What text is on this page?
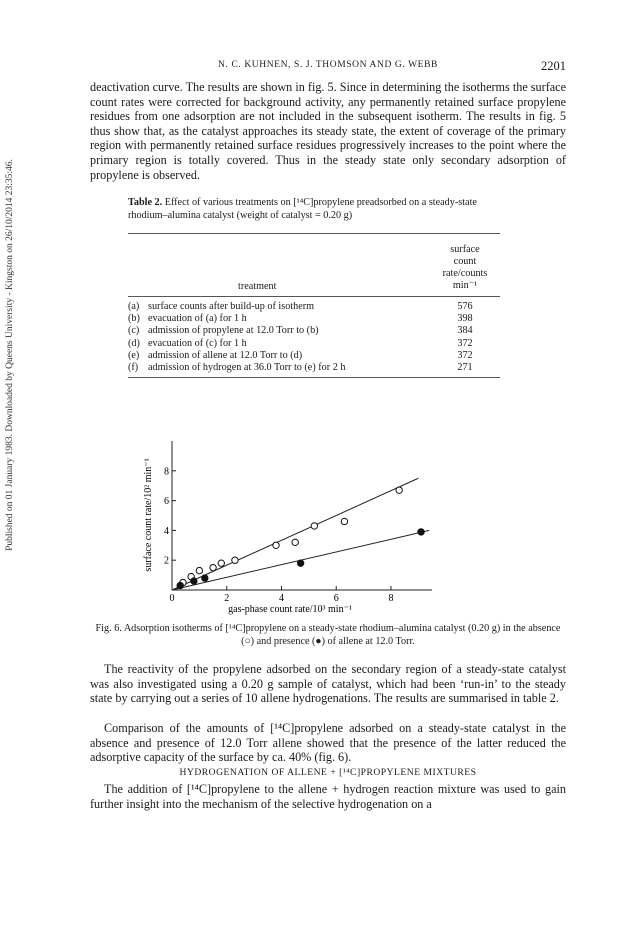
Published on 01 January 1983. Downloaded by Queens University - Kingston on 26/10/2014 23:35:46.
N. C. KUHNEN, S. J. THOMSON AND G. WEBB	2201

deactivation curve. The results are shown in fig. 5. Since in determining the isotherms the surface count rates were corrected for background activity, any permanently retained surface propylene residues from one adsorption are not included in the subsequent isotherm. The results in fig. 5 thus show that, as the catalyst approaches its steady state, the extent of coverage of the primary region with permanently retained surface residues progressively increases to the point where the primary region is totally covered. Thus in the steady state only secondary adsorption of propylene is observed.

Table 2. Effect of various treatments on [¹⁴C]propylene preadsorbed on a steady-state rhodium–alumina catalyst (weight of catalyst = 0.20 g)

treatment
surface
count
rate/counts
min⁻¹
(a) surface counts after build-up of isotherm	576
(b) evacuation of (a) for 1 h	398
(c) admission of propylene at 12.0 Torr to (b)	384
(d) evacuation of (c) for 1 h	372
(e) admission of allene at 12.0 Torr to (d)	372
(f) admission of hydrogen at 36.0 Torr to (e) for 2 h	271
0	2	4	6	8
2
4
6
8
gas-phase count rate/10³ min⁻¹
surface count rate/10² min⁻¹

Fig. 6. Adsorption isotherms of [¹⁴C]propylene on a steady-state rhodium–alumina catalyst (0.20 g) in the absence (○) and presence (●) of allene at 12.0 Torr.

The reactivity of the propylene adsorbed on the secondary region of a steady-state catalyst was also investigated using a 0.20 g sample of catalyst, which had been ‘run-in’ to the steady state by carrying out a series of 10 allene hydrogenations. The results are summarised in table 2.

Comparison of the amounts of [¹⁴C]propylene adsorbed on a steady-state catalyst in the absence and presence of 12.0 Torr allene showed that the presence of the latter reduced the adsorptive capacity of the surface by ca. 40% (fig. 6).

HYDROGENATION OF ALLENE + [¹⁴C]PROPYLENE MIXTURES

The addition of [¹⁴C]propylene to the allene + hydrogen reaction mixture was used to gain further insight into the mechanism of the selective hydrogenation on a
